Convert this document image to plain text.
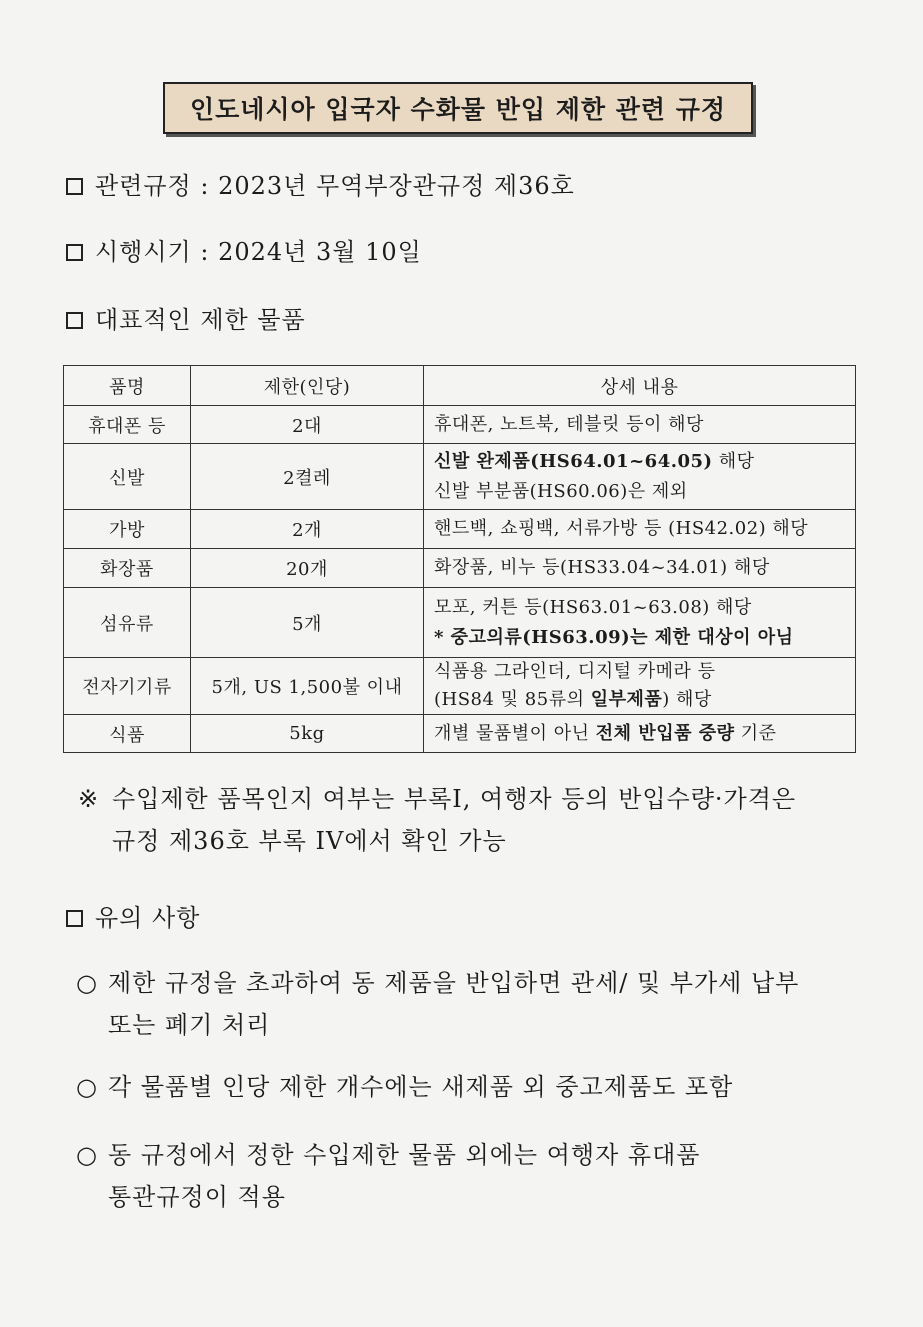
인도네시아 입국자 수화물 반입 제한 관련 규정
관련규정 : 2023년 무역부장관규정 제36호
시행시기 : 2024년 3월 10일
대표적인 제한 물품
품명	제한(인당)	상세 내용
휴대폰 등	2대	휴대폰, 노트북, 테블릿 등이 해당
신발	2켤레	신발 완제품(HS64.01~64.05) 해당
신발 부분품(HS60.06)은 제외

가방	2개	핸드백, 쇼핑백, 서류가방 등 (HS42.02) 해당
화장품	20개	화장품, 비누 등(HS33.04~34.01) 해당
섬유류	5개	모포, 커튼 등(HS63.01~63.08) 해당
* 중고의류(HS63.09)는 제한 대상이 아님

전자기기류	5개, US 1,500불 이내	식품용 그라인더, 디지털 카메라 등
(HS84 및 85류의 일부제품) 해당

식품	5kg	개별 물품별이 아닌 전체 반입품 중량 기준
※ 수입제한 품목인지 여부는 부록I, 여행자 등의 반입수량·가격은
규정 제36호 부록 IV에서 확인 가능
유의 사항
○ 제한 규정을 초과하여 동 제품을 반입하면 관세/ 및 부가세 납부
또는 폐기 처리
○ 각 물품별 인당 제한 개수에는 새제품 외 중고제품도 포함
○ 동 규정에서 정한 수입제한 물품 외에는 여행자 휴대품
통관규정이 적용
